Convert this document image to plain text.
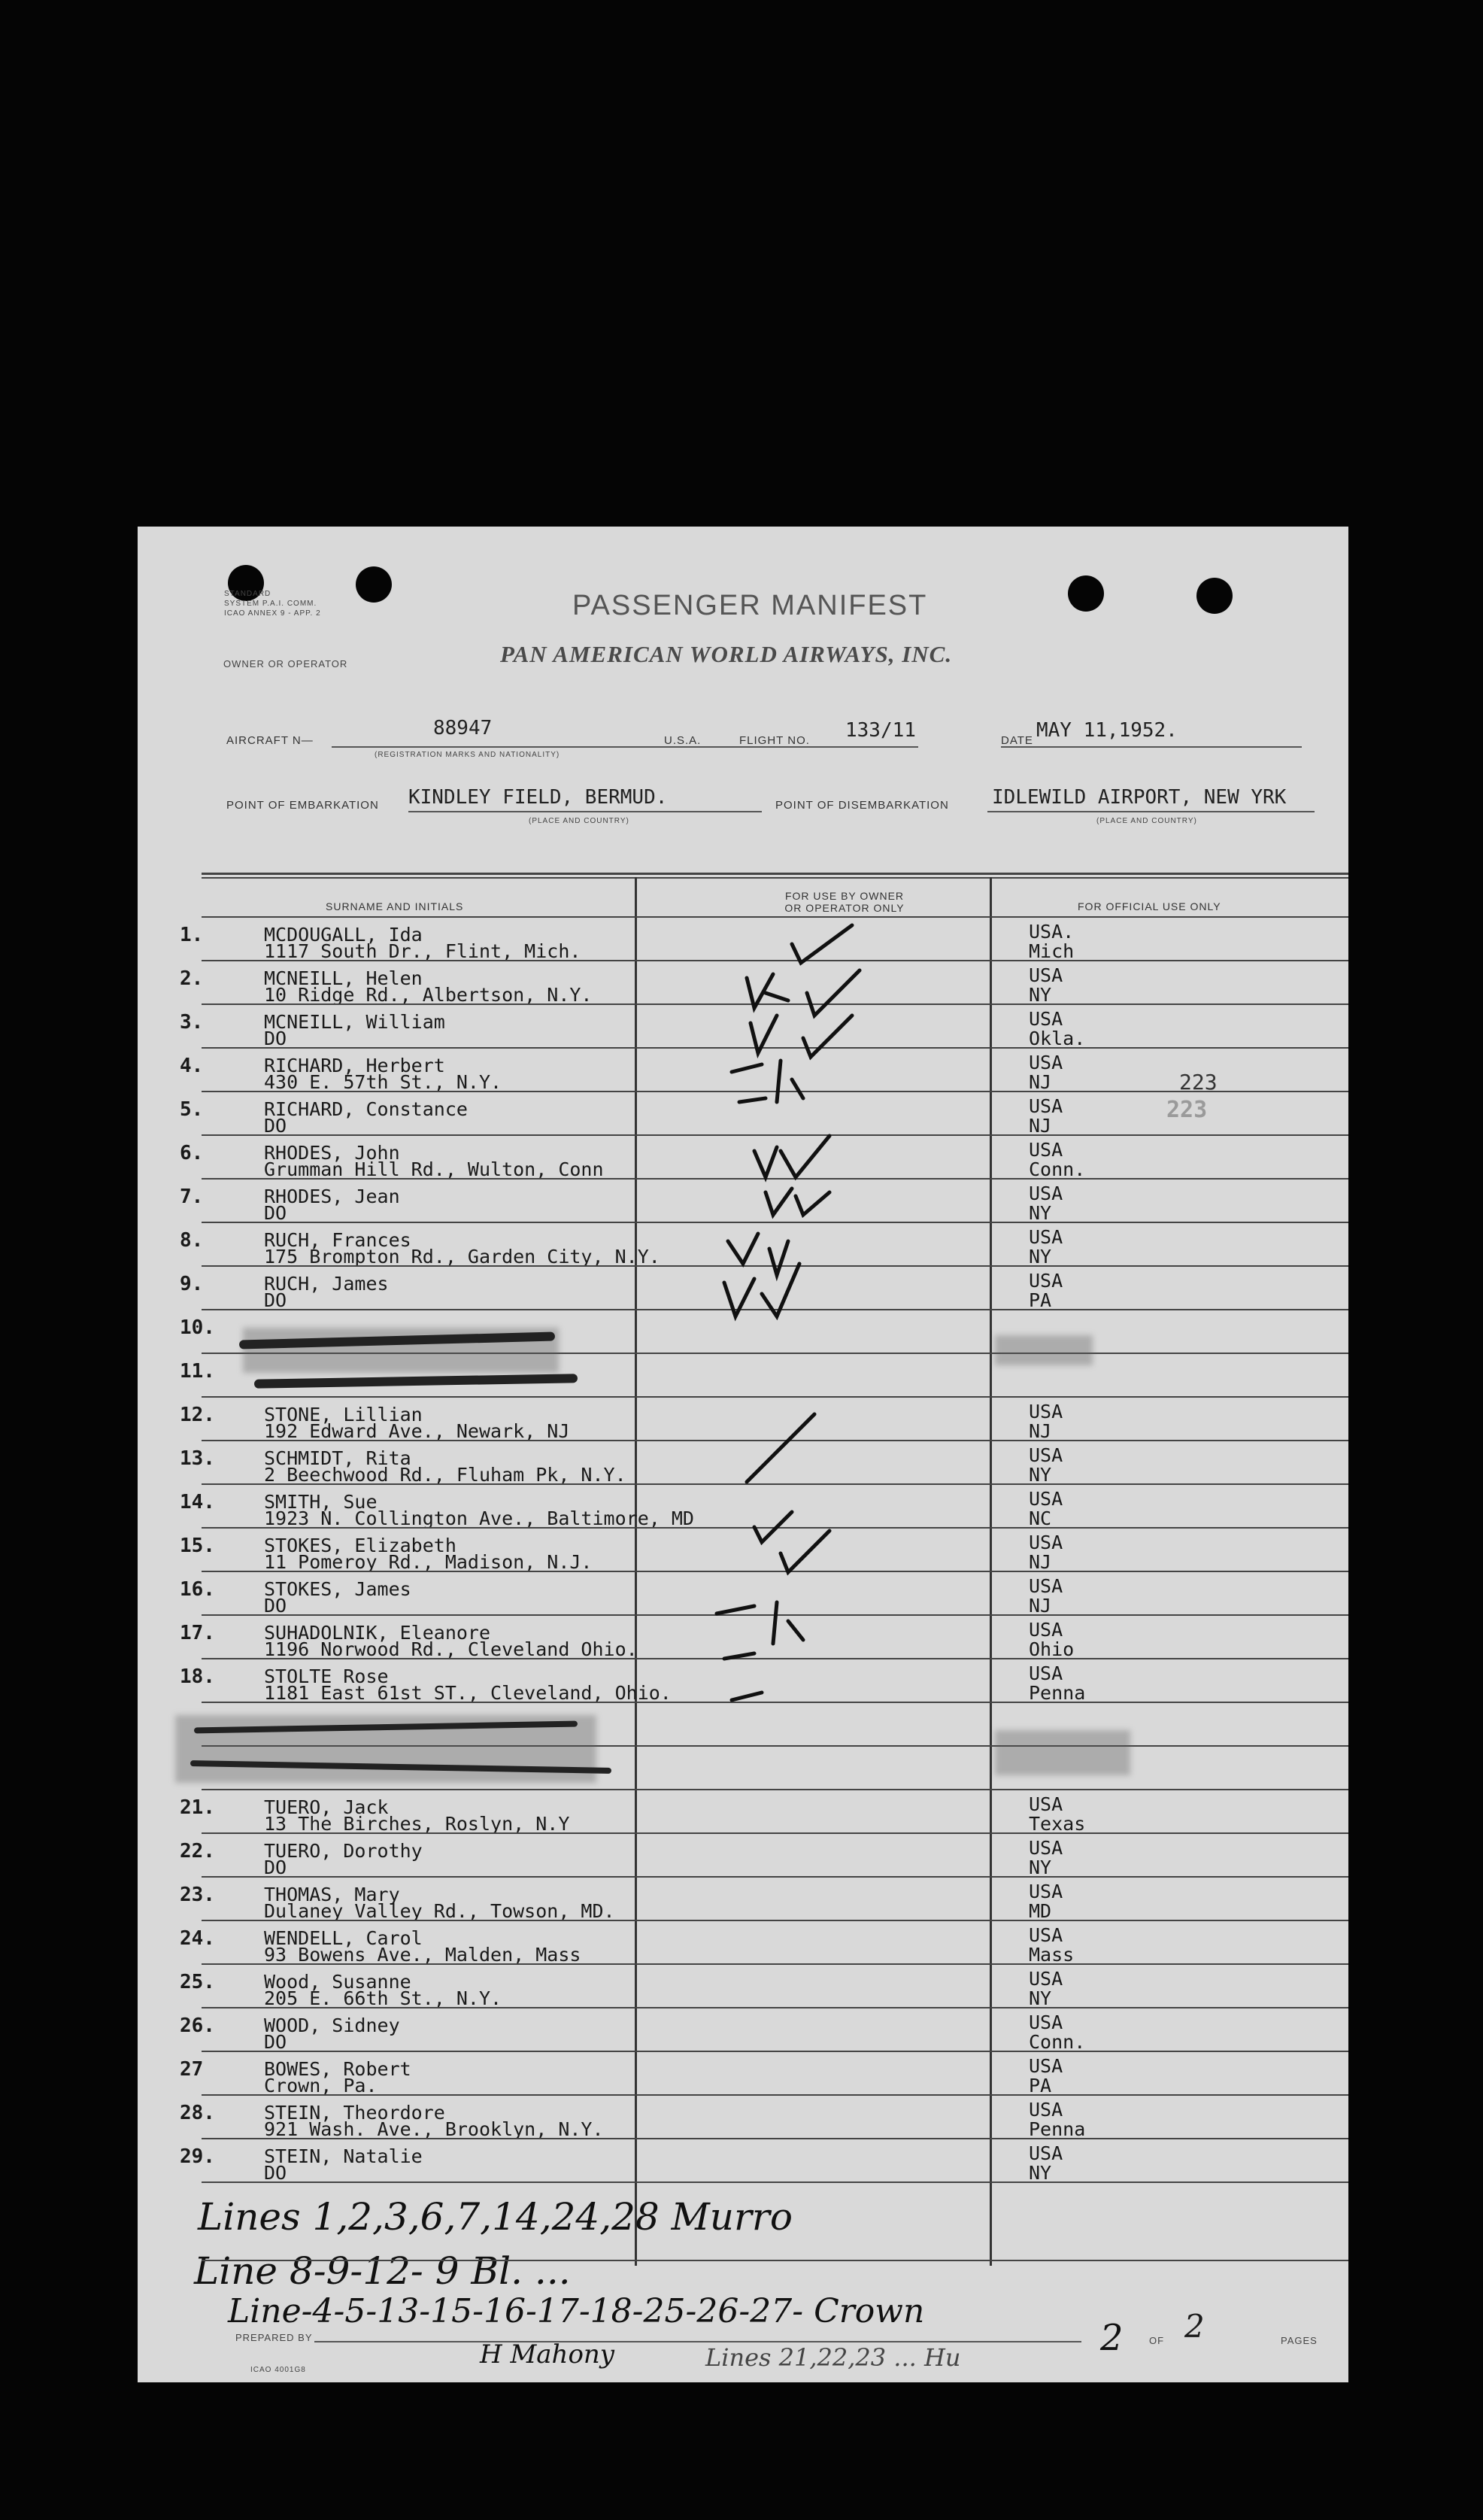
STANDARD
SYSTEM P.A.I. COMM.
ICAO ANNEX 9 - APP. 2	PASSENGER MANIFEST
OWNER OR OPERATOR	PAN AMERICAN WORLD AIRWAYS, INC.
AIRCRAFT N—
88947
(REGISTRATION MARKS AND NATIONALITY)
U.S.A.	FLIGHT NO. 133/11	DATE MAY 11,1952.
POINT OF EMBARKATION KINDLEY FIELD, BERMUD.
(PLACE AND COUNTRY)
POINT OF DISEMBARKATION IDLEWILD AIRPORT, NEW YRK
(PLACE AND COUNTRY)
SURNAME AND INITIALS
FOR USE BY OWNER
OR OPERATOR ONLY	FOR OFFICIAL USE ONLY
1.	MCDOUGALL, Ida
1117 South Dr., Flint, Mich.
USA.
Mich
2.	MCNEILL, Helen
10 Ridge Rd., Albertson, N.Y.
USA
NY
3.	MCNEILL, William
DO
USA
Okla.
4.	RICHARD, Herbert
430 E. 57th St., N.Y.
USA
NJ
5.	RICHARD, Constance
DO
USA
NJ
6.	RHODES, John
Grumman Hill Rd., Wulton, Conn
USA
Conn.
7.	RHODES, Jean
DO
USA
NY
8.	RUCH, Frances
175 Brompton Rd., Garden City, N.Y.
USA
NY
9.	RUCH, James
DO
USA
PA
10.
11.
12.	STONE, Lillian
192 Edward Ave., Newark, NJ
USA
NJ
13.	SCHMIDT, Rita
2 Beechwood Rd., Fluham Pk, N.Y.
USA
NY
14.	SMITH, Sue
1923 N. Collington Ave., Baltimore, MD
USA
NC
15.	STOKES, Elizabeth
11 Pomeroy Rd., Madison, N.J.
USA
NJ
16.	STOKES, James
DO
USA
NJ
17.	SUHADOLNIK, Eleanore
1196 Norwood Rd., Cleveland Ohio.
USA
Ohio
18.	STOLTE Rose
1181 East 61st ST., Cleveland, Ohio.
USA
Penna
21.	TUERO, Jack
13 The Birches, Roslyn, N.Y
USA
Texas
22.	TUERO, Dorothy
DO
USA
NY
23.	THOMAS, Mary
Dulaney Valley Rd., Towson, MD.
USA
MD
24.	WENDELL, Carol
93 Bowens Ave., Malden, Mass
USA
Mass
25.	Wood, Susanne
205 E. 66th St., N.Y.
USA
NY
26.	WOOD, Sidney
DO
USA
Conn.
27	BOWES, Robert
Crown, Pa.
USA
PA
28.	STEIN, Theordore
921 Wash. Ave., Brooklyn, N.Y.
USA
Penna
29.	STEIN, Natalie
DO
USA
NY
223
223
Lines 1,2,3,6,7,14,24,28 Murro
Line 8-9-12- 9 Bl. ...
Line-4-5-13-15-16-17-18-25-26-27- Crown
H Mahony	Lines 21,22,23 ... Hu	2
PREPARED BY	OF 2	PAGES
ICAO 4001G8
